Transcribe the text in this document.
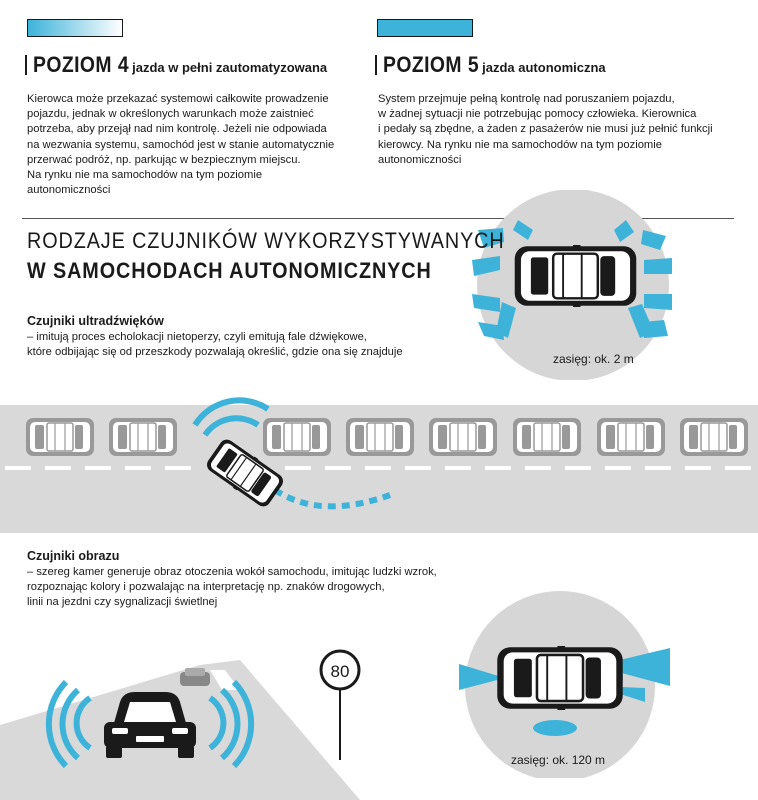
POZIOM 4 jazda w pełni zautomatyzowana
Kierowca może przekazać systemowi całkowite prowadzenie
pojazdu, jednak w określonych warunkach może zaistnieć
potrzeba, aby przejął nad nim kontrolę. Jeżeli nie odpowiada
na wezwania systemu, samochód jest w stanie automatycznie
przerwać podróż, np. parkując w bezpiecznym miejscu.
Na rynku nie ma samochodów na tym poziomie
autonomiczności
POZIOM 5 jazda autonomiczna
System przejmuje pełną kontrolę nad poruszaniem pojazdu,
w żadnej sytuacji nie potrzebując pomocy człowieka. Kierownica
i pedały są zbędne, a żaden z pasażerów nie musi już pełnić funkcji
kierowcy. Na rynku nie ma samochodów na tym poziomie
autonomiczności
zasięg: ok. 2 m
RODZAJE CZUJNIKÓW WYKORZYSTYWANYCH
W SAMOCHODACH AUTONOMICZNYCH
Czujniki ultradźwięków
– imitują proces echolokacji nietoperzy, czyli emitują fale dźwiękowe,
które odbijając się od przeszkody pozwalają określić, gdzie ona się znajduje
Czujniki obrazu
– szereg kamer generuje obraz otoczenia wokół samochodu, imitując ludzki wzrok,
rozpoznając kolory i pozwalając na interpretację np. znaków drogowych,
linii na jezdni czy sygnalizacji świetlnej
80
zasięg: ok. 120 m
